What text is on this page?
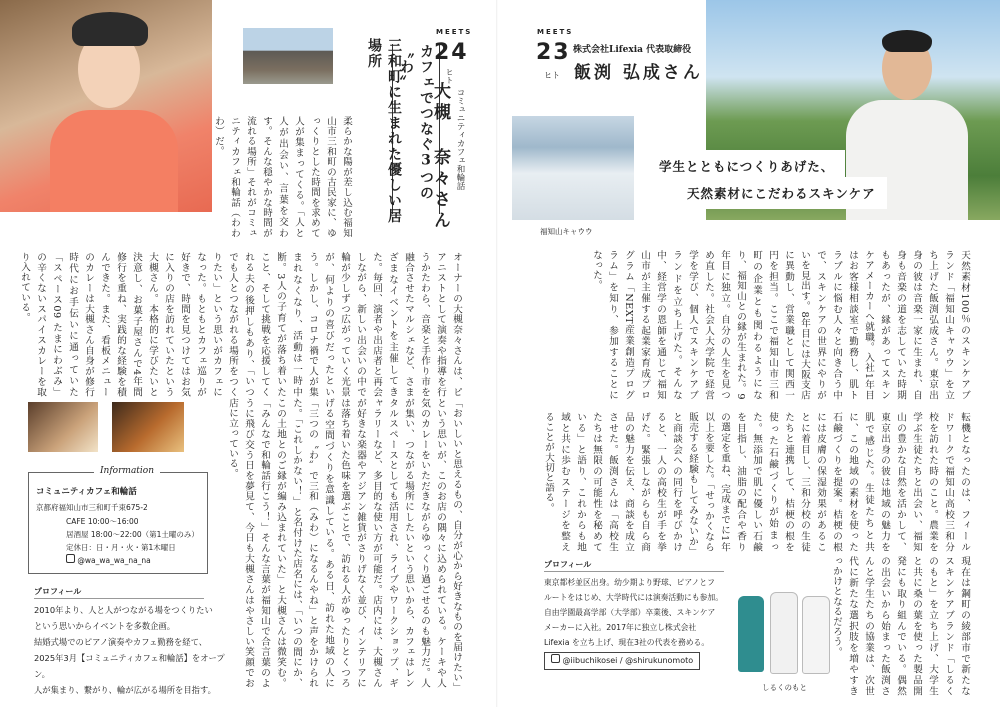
カフェでつなぐ3つの〝わ〟
三和町に生まれた優しい居場所
MEETS
24
ヒト
コミュニティカフェ和輪話
大槻 奈々さん
柔らかな陽が差し込む福知山市三和町の古民家に、ゆっくりとした時間を求めて人が集まってくる。「人と人が出会い、言葉を交わす。そんな穏やかな時間が流れる場所」それがコミュニティカフェ和輪話（わわわ）だ。
オーナーの大槻奈々さんは、ピアニストとして演奏や指導を行うかたわら、音楽と手作り市を融合させたマルシェなど、さまざまなイベントを主催してきた。毎回、演者や出店者と再会しながら、新しい出会いの中で輪が少しずつ広がっていく光景が、何よりの喜びだったという。しかし、コロナ禍で人が集まれなくなり、活動は一時中断。3人の子育てが落ち着いたこと、そして挑戦を応援してくれる夫の後押しもあり、「いつでも人とつながれる場所をつくりたい」という思いがカフェになった。もともとカフェ巡りが好きで、時間を見つけてはお気に入りの店を訪れていたという大槻さん。本格的に学びたいと決意し、お菓子屋さんで4年間修行を重ね、実践的な経験を積んできた。また、看板メニューのカレーは大槻さん自身が修行時代にお手伝いに通っていた「スペース09 たまにわぶみ」の辛くないスパイスカレーを取り入れている。
Information
コミュニティカフェ和輪話
京都府福知山市三和町千束675-2
CAFE 10:00〜16:00
居酒屋 18:00〜22:00（第1土曜のみ）
定休日：日・月・火・第1木曜日
@wa_wa_wa_na_na
プロフィール
2010年より、人と人がつながる場をつくりたい
という思いからイベントを多数企画。
結婚式場でのピアノ演奏やカフェ勤務を経て、
2025年3月【コミュニティカフェ和輪話】をオープン。
人が集まり、繋がり、輪が広がる場所を目指す。
「おいしいと思えるもの、自分が心から好きなものを届けたい」という思いが、このお店の隅々に込められている。ケーキや人気のカレーをいただきながらゆっくり過ごせるのも魅力だ。人が集い、つながる場所にしたいという思いから、カフェはレンタルスペースとしても活用され、ライブやワークショップ、ギャラリーなど、多目的な使い方が可能だ。店内には、大槻さんが好きな楽器やアジアン雑貨がさりげなく並び、インテリアには落ち着いた色味を選ぶことで、訪れる人がゆったりとくつろげる空間づくりを意識している。ある日、訪れた地域の人に「三つの〝わ〟で三和（みわ）になるんやね」と声をかけられた。「これしかない！」と名付けた店名には、「いつの間にか、この土地とのご縁が編み込まれていた」と大槻さんは微笑む。「みんなで和輪話行こう！」そんな言葉が福知山で合言葉のように飛び交う日を夢見て、今日も大槻さんはやさしい笑顔でお店に立っている。
MEETS
23
ヒト
株式会社Lifexia 代表取締役
飯渕 弘成さん
福知山キャウウ
学生とともにつくりあげた、
天然素材にこだわるスキンケア
天然素材100％のスキンケアブランド「福知山キャウウ」を立ち上げた飯渕弘成さん。東京出身の彼は音楽一家に生まれ、自身も音楽の道を志していた時期もあったが、縁があってスキンケアメーカーへ就職。入社1年目はお客様相談室で勤務し、肌トラブルに悩む人々と向き合う中で、スキンケアの世界にやりがいを見出す。8年目には大阪支店に異動し、営業職として関西一円を担当。ここで福知山市三和町の企業とも関わるようになり、福知山との縁が生まれた。9年目に独立。自分の人生を見つめ直した。社会人大学院で経営学を学び、個人でスキンケアブランドを立ち上げた。そんな中、経営学の恩師を通じて福知山市が主催する起業家育成プログラム「NEXT産業創造プログラム」を知り、参加することになった。
転機となったのは、フィールドワークで福知山高校三和分校を訪れた時のこと。農業を学ぶ生徒たちと出会い、福知山の豊かな自然を活かして、東京出身の彼は地域の魅力を肌で感じた。生徒たちと共に、この地域の素材を使った石鹸づくりを提案。桔梗の根には皮膚の保湿効果があることに着目し、三和分校の生徒たちと連携して、桔梗の根を使った石鹸づくりが始まった。無添加で肌に優しい石鹸を目指し、油脂の配合や香りの選定を重ね、完成までに1年以上を要した。「せっかくなら販売する経験もしてみないか」と商談会への同行を呼びかけると、一人の高校生が手を挙げた。緊張しながらも自ら商品の魅力を伝え、商談を成立させた。飯渕さんは「高校生たちは無限の可能性を秘めている」と語り、これからも地域と共に歩むステージを整えることが大切と語る。
現在は鋼町の綾部市で新たなスキンケアブランド「しるくのもと」を立ち上げ、大学生と共に桑の葉を使った製品開発にも取り組んでいる。偶然の出会いから始まった飯渕さんと学生たちの協業は、次世代に新たな選択肢を増やすきっかけとなるだろう。
プロフィール
東京都杉並区出身。幼少期より野球、ピアノとフ
ルートをはじめ、大学時代には演奏活動にも参加。
自由学園最高学部（大学部）卒業後、スキンケア
メーカーに入社。2017年に独立し株式会社
Lifexia を立ち上げ、現在3社の代表を務める。
@iibuchikosei / @shirukunomoto
しるくのもと
